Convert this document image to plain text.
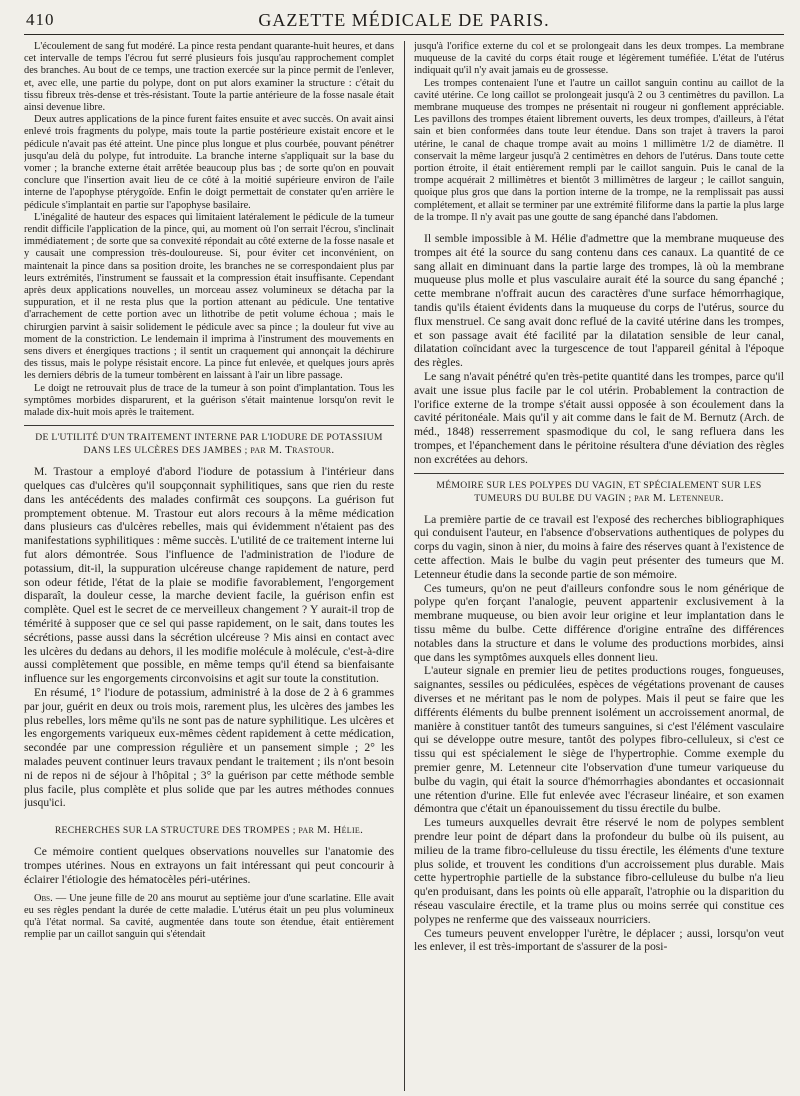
410	GAZETTE MÉDICALE DE PARIS.

L'écoulement de sang fut modéré. La pince resta pendant quarante-huit heures, et dans cet intervalle de temps l'écrou fut serré plusieurs fois jusqu'au rapprochement complet des branches. Au bout de ce temps, une traction exercée sur la pince permit de l'enlever, et, avec elle, une partie du polype, dont on put alors examiner la structure : c'était du tissu fibreux très-dense et très-résistant. Toute la partie antérieure de la fosse nasale était ainsi devenue libre.

Deux autres applications de la pince furent faites ensuite et avec succès. On avait ainsi enlevé trois fragments du polype, mais toute la partie postérieure existait encore et le pédicule n'avait pas été atteint. Une pince plus longue et plus courbée, pouvant pénétrer jusqu'au delà du polype, fut introduite. La branche interne s'appliquait sur la base du vomer ; la branche externe était arrêtée beaucoup plus bas ; de sorte qu'on en pouvait conclure que l'insertion avait lieu de ce côté à la moitié supérieure environ de l'aile interne de l'apophyse ptérygoïde. Enfin le doigt permettait de constater qu'en arrière le pédicule s'implantait en partie sur l'apophyse basilaire.

L'inégalité de hauteur des espaces qui limitaient latéralement le pédicule de la tumeur rendit difficile l'application de la pince, qui, au moment où l'on serrait l'écrou, s'inclinait immédiatement ; de sorte que sa convexité répondait au côté externe de la fosse nasale et y causait une compression très-douloureuse. Si, pour éviter cet inconvénient, on maintenait la pince dans sa position droite, les branches ne se correspondaient plus par leurs extrémités, l'instrument se faussait et la compression était insuffisante. Cependant après deux applications nouvelles, un morceau assez volumineux se détacha par la suppuration, et il ne resta plus que la portion attenant au pédicule. Une tentative d'arrachement de cette portion avec un lithotribe de petit volume échoua ; mais le chirurgien parvint à saisir solidement le pédicule avec sa pince ; la douleur fut vive au moment de la constriction. Le lendemain il imprima à l'instrument des mouvements en sens divers et énergiques tractions ; il sentit un craquement qui annonçait la déchirure des tissus, mais le polype résistait encore. La pince fut enlevée, et quelques jours après les derniers débris de la tumeur tombèrent en laissant à l'air un libre passage.

Le doigt ne retrouvait plus de trace de la tumeur à son point d'implantation. Tous les symptômes morbides disparurent, et la guérison s'était maintenue lorsqu'on revit le malade dix-huit mois après le traitement.

DE L'UTILITÉ D'UN TRAITEMENT INTERNE PAR L'IODURE DE POTASSIUM DANS LES ULCÈRES DES JAMBES ; par M. Trastour.

M. Trastour a employé d'abord l'iodure de potassium à l'intérieur dans quelques cas d'ulcères qu'il soupçonnait syphilitiques, sans que rien du reste dans les antécédents des malades confirmât ces soupçons. La guérison fut promptement obtenue. M. Trastour eut alors recours à la même médication dans plusieurs cas d'ulcères rebelles, mais qui évidemment n'étaient pas des manifestations syphilitiques : même succès. L'utilité de ce traitement interne lui fut alors démontrée. Sous l'influence de l'administration de l'iodure de potassium, dit-il, la suppuration ulcéreuse change rapidement de nature, perd son odeur fétide, l'état de la plaie se modifie favorablement, l'engorgement disparaît, la douleur cesse, la marche devient facile, la guérison enfin est complète. Quel est le secret de ce merveilleux changement ? Y aurait-il trop de témérité à supposer que ce sel qui passe rapidement, on le sait, dans toutes les sécrétions, passe aussi dans la sécrétion ulcéreuse ? Mis ainsi en contact avec les ulcères du dedans au dehors, il les modifie molécule à molécule, c'est-à-dire aussi complètement que possible, en même temps qu'il étend sa bienfaisante influence sur les engorgements circonvoisins et agit sur toute la constitution.

En résumé, 1° l'iodure de potassium, administré à la dose de 2 à 6 grammes par jour, guérit en deux ou trois mois, rarement plus, les ulcères des jambes les plus rebelles, lors même qu'ils ne sont pas de nature syphilitique. Les ulcères et les engorgements variqueux eux-mêmes cèdent rapidement à cette médication, secondée par une compression régulière et un pansement simple ; 2° les malades peuvent continuer leurs travaux pendant le traitement ; ils n'ont besoin ni de repos ni de séjour à l'hôpital ; 3° la guérison par cette méthode semble plus facile, plus complète et plus solide que par les autres méthodes connues jusqu'ici.

RECHERCHES SUR LA STRUCTURE DES TROMPES ; par M. Hélie.

Ce mémoire contient quelques observations nouvelles sur l'anatomie des trompes utérines. Nous en extrayons un fait intéressant qui peut concourir à éclairer l'étiologie des hématocèles péri-utérines.

Obs. — Une jeune fille de 20 ans mourut au septième jour d'une scarlatine. Elle avait eu ses règles pendant la durée de cette maladie. L'utérus était un peu plus volumineux qu'à l'état normal. Sa cavité, augmentée dans toute son étendue, était entièrement remplie par un caillot sanguin qui s'étendait

jusqu'à l'orifice externe du col et se prolongeait dans les deux trompes. La membrane muqueuse de la cavité du corps était rouge et légèrement tuméfiée. L'état de l'utérus indiquait qu'il n'y avait jamais eu de grossesse.

Les trompes contenaient l'une et l'autre un caillot sanguin continu au caillot de la cavité utérine. Ce long caillot se prolongeait jusqu'à 2 ou 3 centimètres du pavillon. La membrane muqueuse des trompes ne présentait ni rougeur ni gonflement appréciable. Les pavillons des trompes étaient librement ouverts, les deux trompes, d'ailleurs, à l'état sain et bien conformées dans toute leur étendue. Dans son trajet à travers la paroi utérine, le canal de chaque trompe avait au moins 1 millimètre 1/2 de diamètre. Il conservait la même largeur jusqu'à 2 centimètres en dehors de l'utérus. Dans toute cette portion étroite, il était entièrement rempli par le caillot sanguin. Puis le canal de la trompe acquérait 2 millimètres et bientôt 3 millimètres de largeur ; le caillot sanguin, quoique plus gros que dans la portion interne de la trompe, ne la remplissait pas aussi complétement, et allait se terminer par une extrémité filiforme dans la partie la plus large de la trompe. Il n'y avait pas une goutte de sang épanché dans l'abdomen.

Il semble impossible à M. Hélie d'admettre que la membrane muqueuse des trompes ait été la source du sang contenu dans ces canaux. La quantité de ce sang allait en diminuant dans la partie large des trompes, là où la membrane muqueuse plus molle et plus vasculaire aurait été la source du sang épanché ; cette membrane n'offrait aucun des caractères d'une surface hémorrhagique, tandis qu'ils étaient évidents dans la muqueuse du corps de l'utérus, source du flux menstruel. Ce sang avait donc reflué de la cavité utérine dans les trompes, et son passage avait été facilité par la dilatation sensible de leur canal, dilatation coïncidant avec la turgescence de tout l'appareil génital à l'époque des règles.

Le sang n'avait pénétré qu'en très-petite quantité dans les trompes, parce qu'il avait une issue plus facile par le col utérin. Probablement la contraction de l'orifice externe de la trompe s'était aussi opposée à son écoulement dans la cavité péritonéale. Mais qu'il y ait comme dans le fait de M. Bernutz (Arch. de méd., 1848) resserrement spasmodique du col, le sang refluera dans les trompes, et l'épanchement dans le péritoine résultera d'une déviation des règles non excrétées au dehors.

MÉMOIRE SUR LES POLYPES DU VAGIN, ET SPÉCIALEMENT SUR LES TUMEURS DU BULBE DU VAGIN ; par M. Letenneur.

La première partie de ce travail est l'exposé des recherches bibliographiques qui conduisent l'auteur, en l'absence d'observations authentiques de polypes du corps du vagin, sinon à nier, du moins à faire des réserves quant à l'existence de cette affection. Mais le bulbe du vagin peut présenter des tumeurs que M. Letenneur étudie dans la seconde partie de son mémoire.

Ces tumeurs, qu'on ne peut d'ailleurs confondre sous le nom générique de polype qu'en forçant l'analogie, peuvent appartenir exclusivement à la membrane muqueuse, ou bien avoir leur origine et leur implantation dans le tissu même du bulbe. Cette différence d'origine entraîne des différences notables dans la structure et dans le volume des productions morbides, ainsi que dans les symptômes auxquels elles donnent lieu.

L'auteur signale en premier lieu de petites productions rouges, fongueuses, saignantes, sessiles ou pédiculées, espèces de végétations provenant de causes diverses et ne méritant pas le nom de polypes. Mais il peut se faire que les différents éléments du bulbe prennent isolément un accroissement anormal, de manière à constituer tantôt des tumeurs sanguines, si c'est l'élément vasculaire qui se développe outre mesure, tantôt des polypes fibro-celluleux, si c'est ce tissu qui est spécialement le siège de l'hypertrophie. Comme exemple du premier genre, M. Letenneur cite l'observation d'une tumeur variqueuse du bulbe du vagin, qui était la source d'hémorrhagies abondantes et occasionnait une rétention d'urine. Elle fut enlevée avec l'écraseur linéaire, et son examen démontra que c'était un épanouissement du tissu érectile du bulbe.

Les tumeurs auxquelles devrait être réservé le nom de polypes semblent prendre leur point de départ dans la profondeur du bulbe où ils puisent, au milieu de la trame fibro-celluleuse du tissu érectile, les éléments d'une texture plus solide, et trouvent les conditions d'un accroissement plus durable. Mais cette hypertrophie partielle de la substance fibro-celluleuse du bulbe n'a lieu qu'en produisant, dans les points où elle apparaît, l'atrophie ou la disparition du réseau vasculaire érectile, et la trame plus ou moins serrée qui constitue ces polypes ne renferme que des vaisseaux nourriciers.

Ces tumeurs peuvent envelopper l'urètre, le déplacer ; aussi, lorsqu'on veut les enlever, il est très-important de s'assurer de la posi-
